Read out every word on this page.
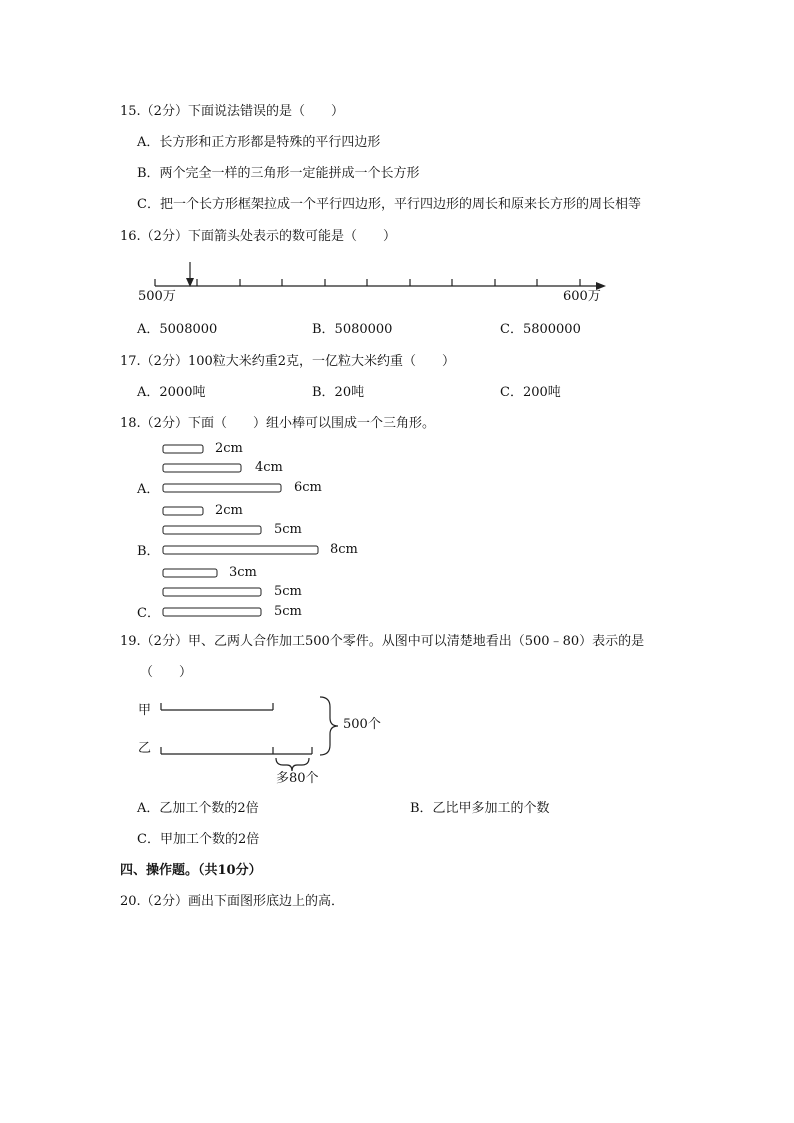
15.（2分）下面说法错误的是（　　）
A．长方形和正方形都是特殊的平行四边形
B．两个完全一样的三角形一定能拼成一个长方形
C．把一个长方形框架拉成一个平行四边形，平行四边形的周长和原来长方形的周长相等
16.（2分）下面箭头处表示的数可能是（　　）
500万	600万
A．5008000	B．5080000	C．5800000
17.（2分）100粒大米约重2克，一亿粒大米约重（　　）
A．2000吨	B．20吨	C．200吨
18.（2分）下面（　　）组小棒可以围成一个三角形。
2cm
4cm
6cm
A．
2cm
5cm
8cm
B．
3cm
5cm
5cm
C．
19.（2分）甲、乙两人合作加工500个零件。从图中可以清楚地看出（500﹣80）表示的是
（　　）
甲
乙
500个
多80个
A．乙加工个数的2倍	B．乙比甲多加工的个数
C．甲加工个数的2倍
四、操作题。（共10分）
20.（2分）画出下面图形底边上的高．
